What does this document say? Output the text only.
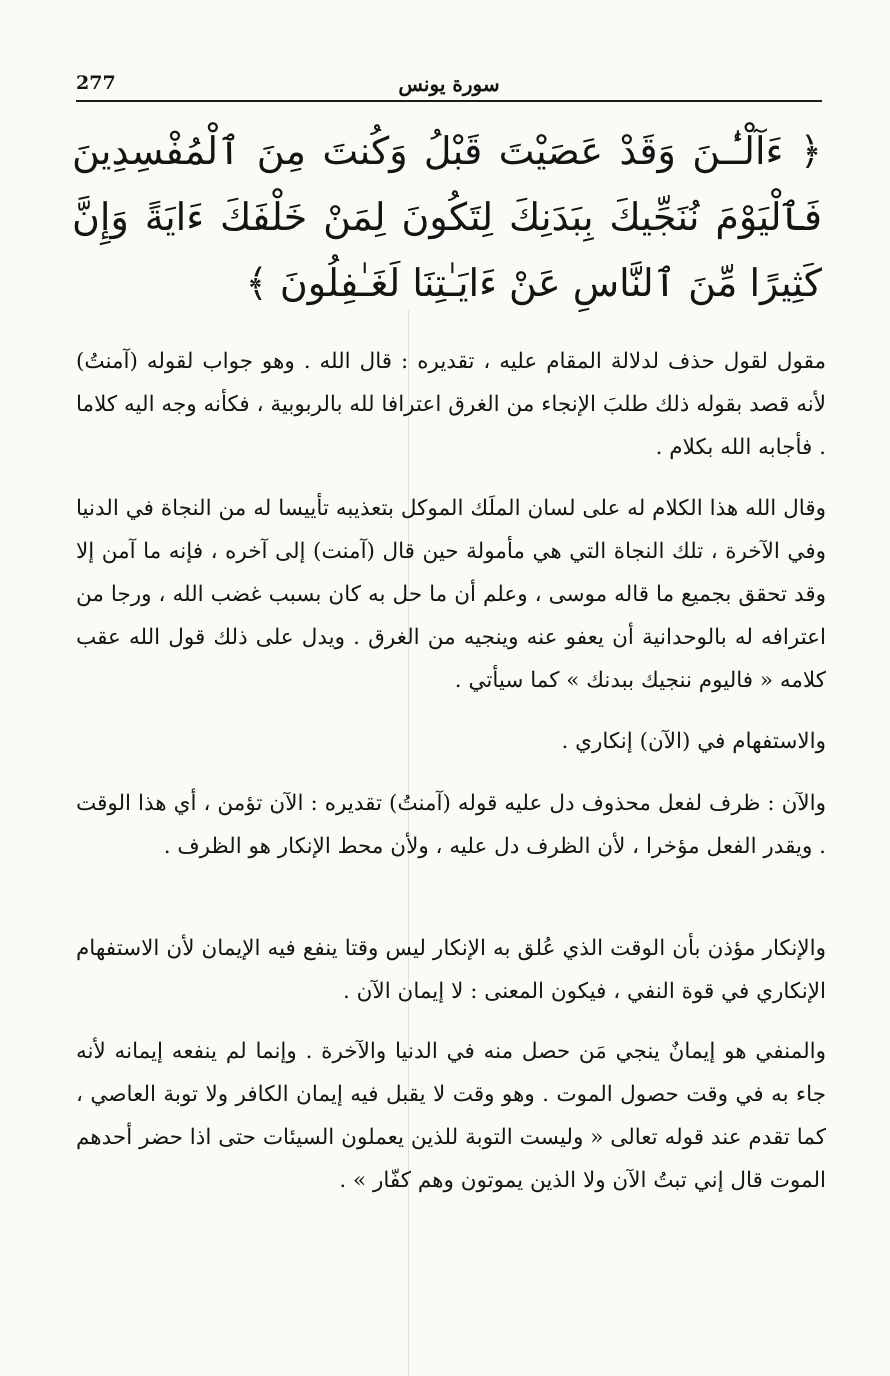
277	سورة يونس
﴿ ءَآلْـٰٔـنَ وَقَدْ عَصَيْتَ قَبْلُ وَكُنتَ مِنَ ٱلْمُفْسِدِينَ فَٱلْيَوْمَ نُنَجِّيكَ بِبَدَنِكَ لِتَكُونَ لِمَنْ خَلْفَكَ ءَايَةً وَإِنَّ كَثِيرًا مِّنَ ٱلنَّاسِ عَنْ ءَايَـٰتِنَا لَغَـٰفِلُونَ ﴾
مقول لقول حذف لدلالة المقام عليه ، تقديره : قال الله . وهو جواب لقوله (آمنتُ) لأنه قصد بقوله ذلك طلبَ الإنجاء من الغرق اعترافا لله بالربوبية ، فكأنه وجه اليه كلاما . فأجابه الله بكلام .
وقال الله هذا الكلام له على لسان الملَك الموكل بتعذيبه تأييسا له من النجاة في الدنيا وفي الآخرة ، تلك النجاة التي هي مأمولة حين قال (آمنت) إلى آخره ، فإنه ما آمن إلا وقد تحقق بجميع ما قاله موسى ، وعلم أن ما حل به كان بسبب غضب الله ، ورجا من اعترافه له بالوحدانية أن يعفو عنه وينجيه من الغرق . ويدل على ذلك قول الله عقب كلامه « فاليوم ننجيك ببدنك » كما سيأتي .
والاستفهام في (الآن) إنكاري .
والآن : ظرف لفعل محذوف دل عليه قوله (آمنتُ) تقديره : الآن تؤمن ، أي هذا الوقت . ويقدر الفعل مؤخرا ، لأن الظرف دل عليه ، ولأن محط الإنكار هو الظرف .
والإنكار مؤذن بأن الوقت الذي عُلق به الإنكار ليس وقتا ينفع فيه الإيمان لأن الاستفهام الإنكاري في قوة النفي ، فيكون المعنى : لا إيمان الآن .
والمنفي هو إيمانٌ ينجي مَن حصل منه في الدنيا والآخرة . وإنما لم ينفعه إيمانه لأنه جاء به في وقت حصول الموت . وهو وقت لا يقبل فيه إيمان الكافر ولا توبة العاصي ، كما تقدم عند قوله تعالى « وليست التوبة للذين يعملون السيئات حتى اذا حضر أحدهم الموت قال إني تبتُ الآن ولا الذين يموتون وهم كفّار » .
